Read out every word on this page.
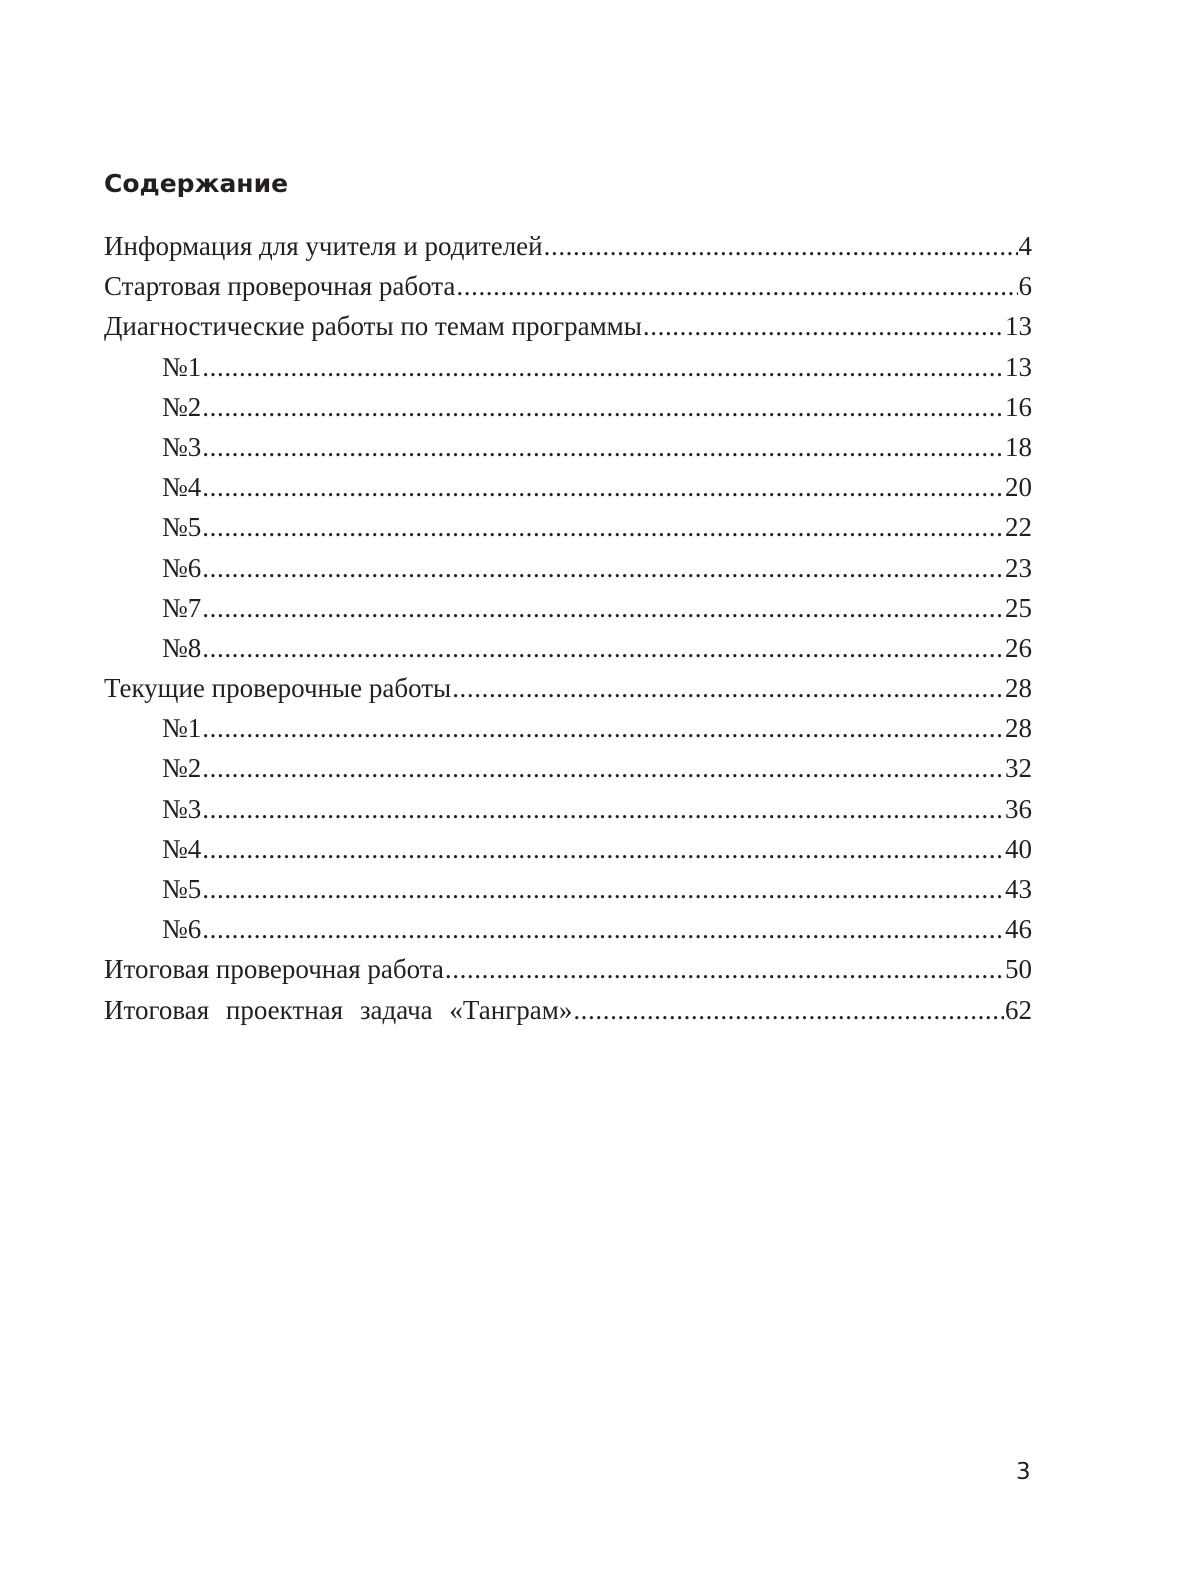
Содержание
Информация для учителя и родителей .....	4
Стартовая проверочная работа .....	6
Диагностические работы по темам программы .....	13
№1 .....	13
№2 .....	16
№3 .....	18
№4 .....	20
№5 .....	22
№6 .....	23
№7 .....	25
№8 .....	26
Текущие проверочные работы .....	28
№1 .....	28
№2 .....	32
№3 .....	36
№4 .....	40
№5 .....	43
№6 .....	46
Итоговая проверочная работа .....	50
Итоговая проектная задача «Танграм» .....	62
3
